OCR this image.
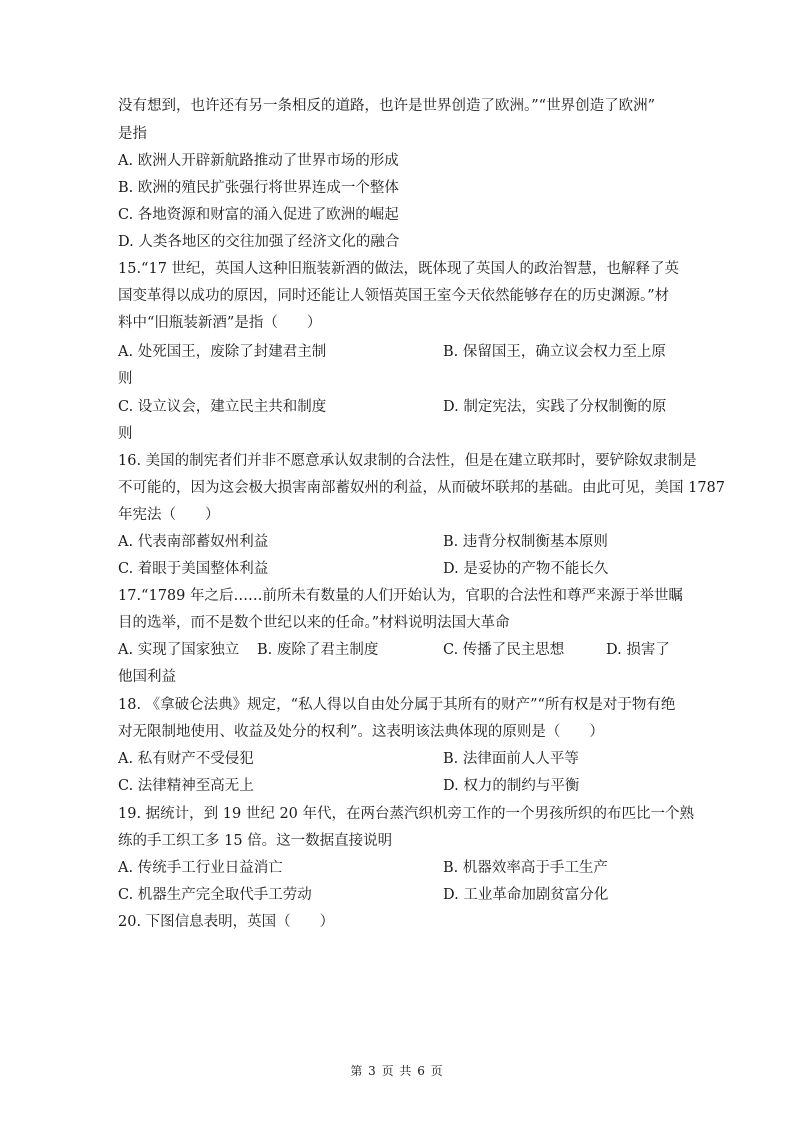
没有想到，也许还有另一条相反的道路，也许是世界创造了欧洲。”“世界创造了欧洲”
是指
A. 欧洲人开辟新航路推动了世界市场的形成
B. 欧洲的殖民扩张强行将世界连成一个整体
C. 各地资源和财富的涌入促进了欧洲的崛起
D. 人类各地区的交往加强了经济文化的融合
15.“17 世纪，英国人这种旧瓶装新酒的做法，既体现了英国人的政治智慧，也解释了英
国变革得以成功的原因，同时还能让人领悟英国王室今天依然能够存在的历史渊源。”材
料中“旧瓶装新酒”是指（　　）
A. 处死国王，废除了封建君主制	B. 保留国王，确立议会权力至上原
则
C. 设立议会，建立民主共和制度	D. 制定宪法，实践了分权制衡的原
则
16. 美国的制宪者们并非不愿意承认奴隶制的合法性，但是在建立联邦时，要铲除奴隶制是
不可能的，因为这会极大损害南部蓄奴州的利益，从而破坏联邦的基础。由此可见，美国 1787
年宪法（　　）
A. 代表南部蓄奴州利益	B. 违背分权制衡基本原则
C. 着眼于美国整体利益	D. 是妥协的产物不能长久
17.“1789 年之后……前所未有数量的人们开始认为，官职的合法性和尊严来源于举世瞩
目的选举，而不是数个世纪以来的任命。”材料说明法国大革命
A. 实现了国家独立 B. 废除了君主制度	C. 传播了民主思想	D. 损害了
他国利益
18. 《拿破仑法典》规定，“私人得以自由处分属于其所有的财产”“所有权是对于物有绝
对无限制地使用、收益及处分的权利”。这表明该法典体现的原则是（　　）
A. 私有财产不受侵犯	B. 法律面前人人平等
C. 法律精神至高无上	D. 权力的制约与平衡
19. 据统计，到 19 世纪 20 年代，在两台蒸汽织机旁工作的一个男孩所织的布匹比一个熟
练的手工织工多 15 倍。这一数据直接说明
A. 传统手工行业日益消亡	B. 机器效率高于手工生产
C. 机器生产完全取代手工劳动	D. 工业革命加剧贫富分化
20. 下图信息表明，英国（　　）
第 3 页 共 6 页
